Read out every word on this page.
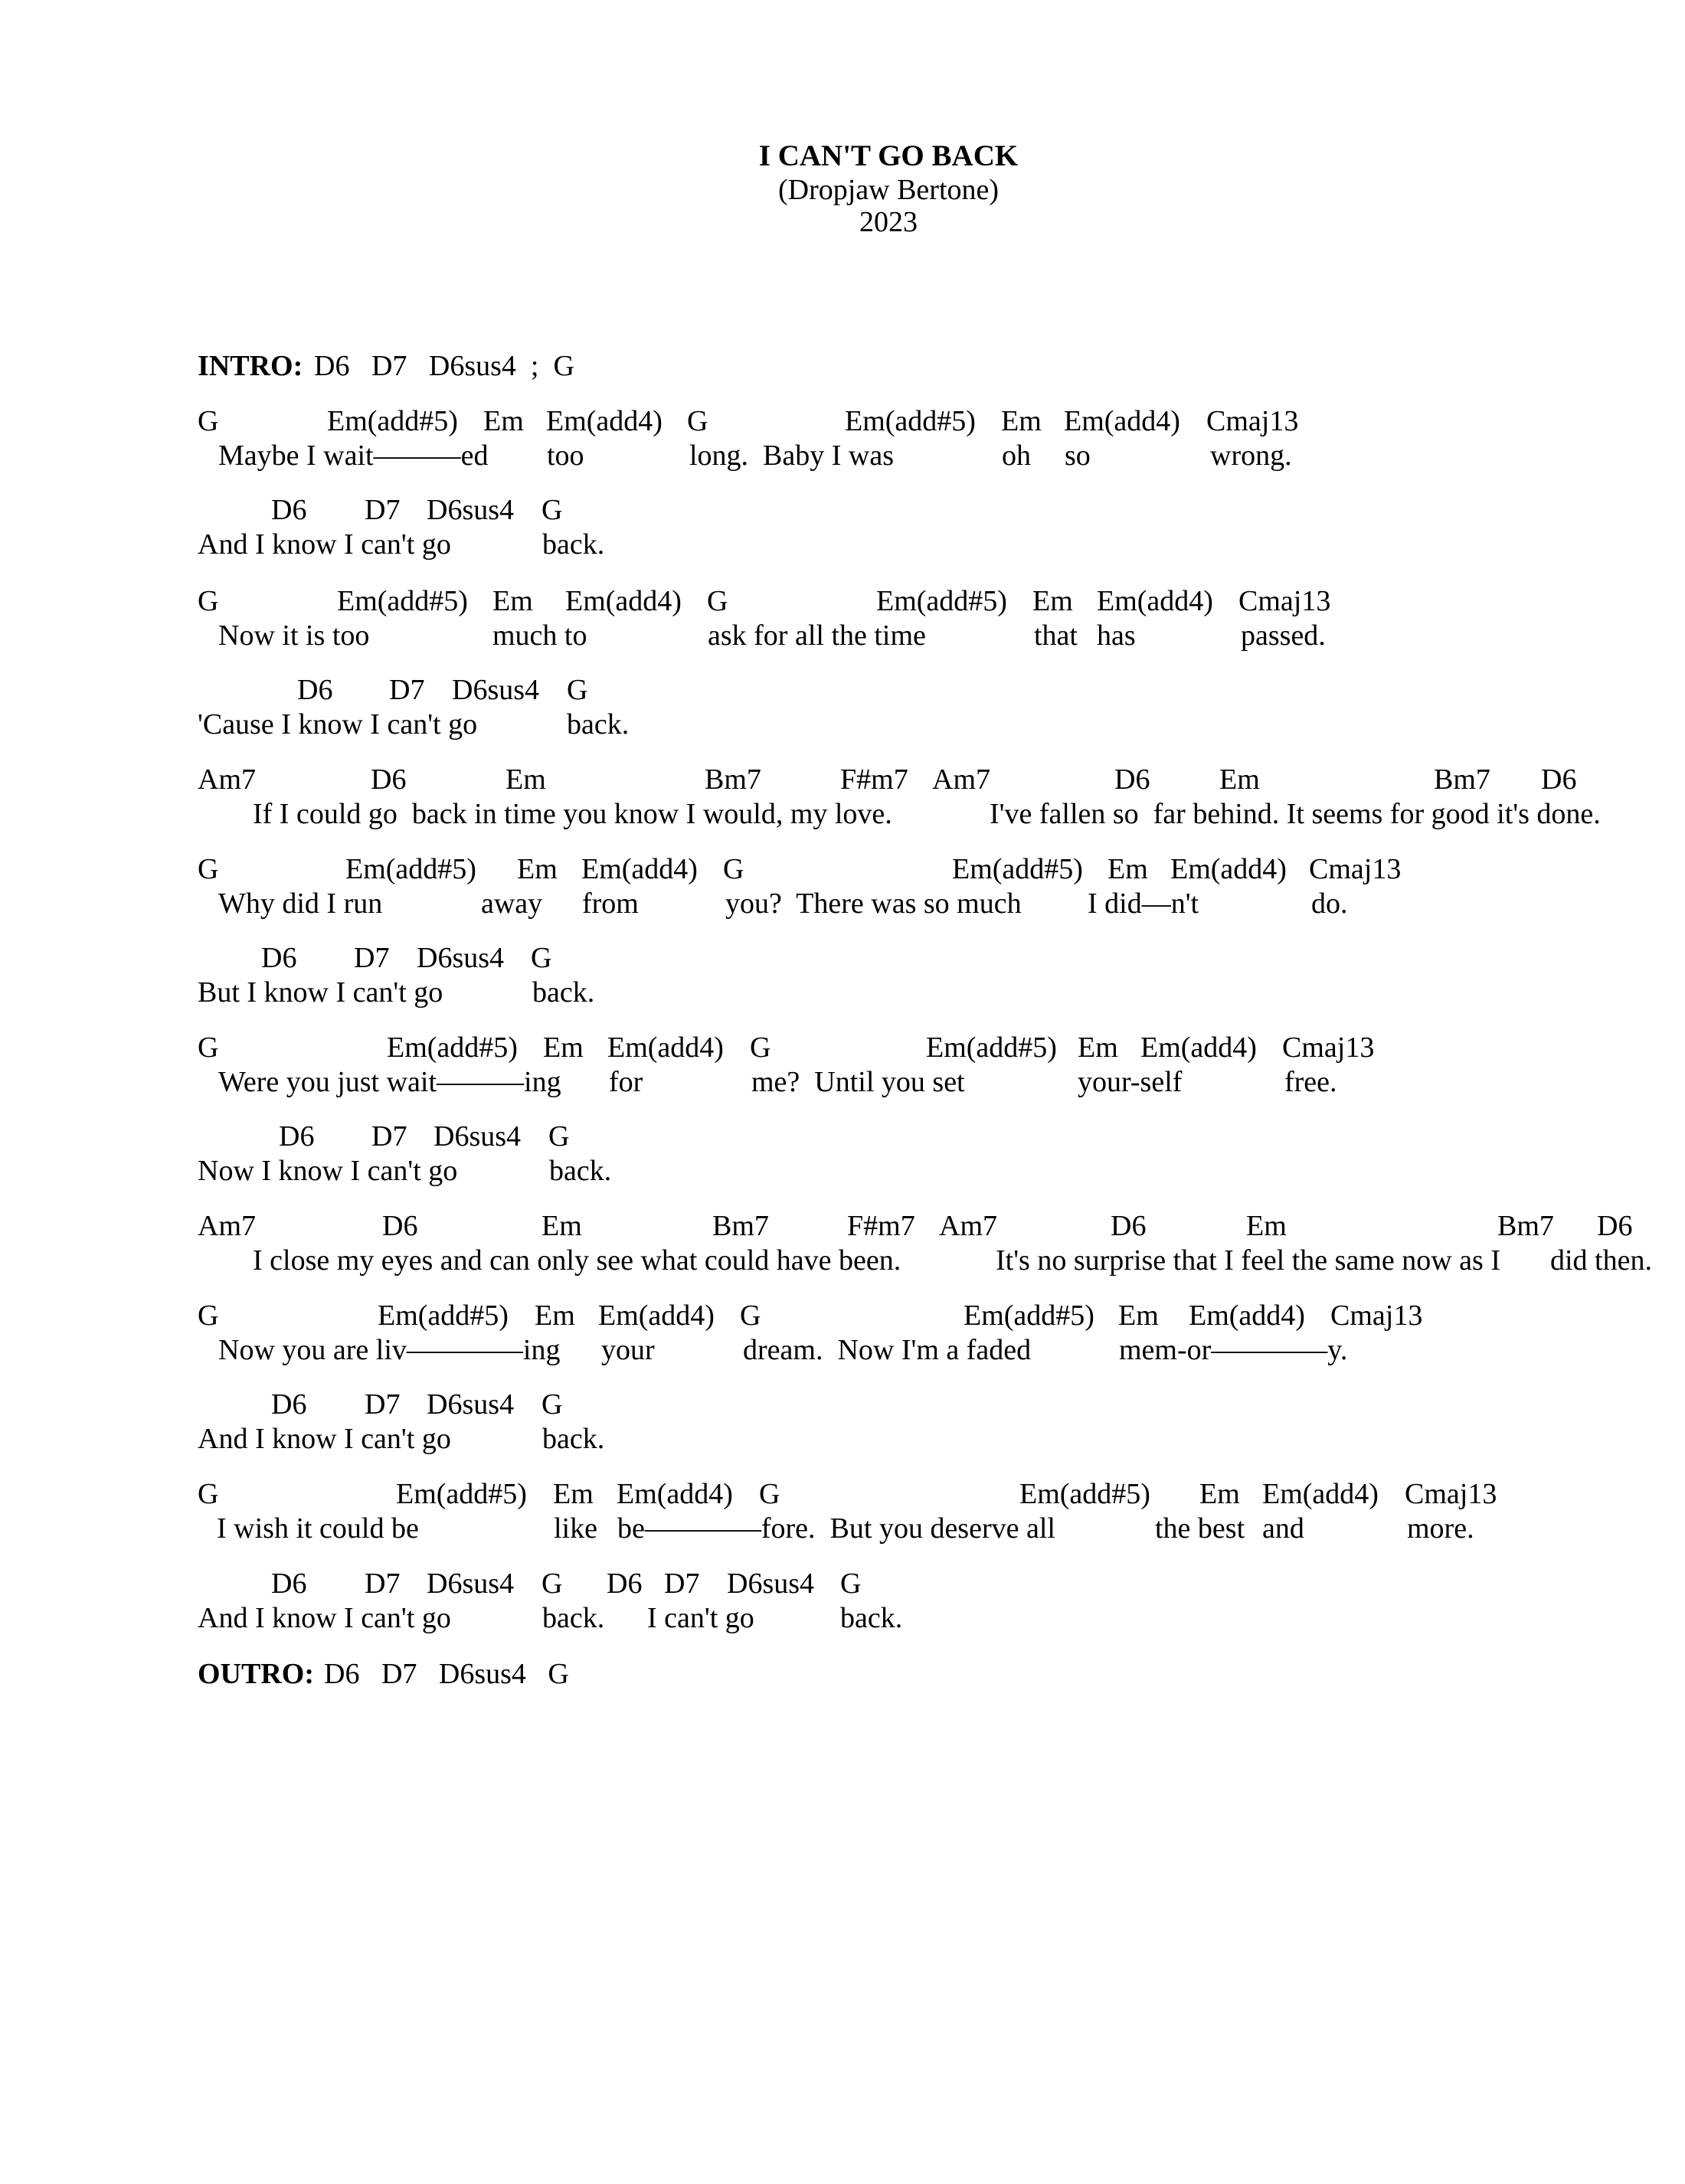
I CAN'T GO BACK
(Dropjaw Bertone)
2023
INTRO: D6   D7   D6sus4  ;  G
G	Em(add#5) Em Em(add4) G	Em(add#5) Em Em(add4) Cmaj13
Maybe I wait———ed too	long.  Baby I was	oh so	wrong.
D6 D7 D6sus4 G
And I know I can't go	back.
G	Em(add#5) Em Em(add4) G	Em(add#5) Em Em(add4) Cmaj13
Now it is too	much to	ask for all the time	that has	passed.
D6 D7 D6sus4 G
'Cause I know I can't go	back.
Am7	D6	Em	Bm7	F#m7 Am7	D6 Em	Bm7 D6
If I could go  back in time you know I would, my love.	I've fallen so  far behind. It seems for good it's done.
G	Em(add#5) Em Em(add4) G	Em(add#5) Em Em(add4) Cmaj13
Why did I run	away from	you?  There was so much I did—n't	do.
D6 D7 D6sus4 G
But I know I can't go	back.
G	Em(add#5) Em Em(add4) G	Em(add#5) Em Em(add4) Cmaj13
Were you just wait———ing for	me?  Until you set	your-self	free.
D6 D7 D6sus4 G
Now I know I can't go	back.
Am7	D6	Em	Bm7	F#m7 Am7	D6	Em	Bm7 D6
I close my eyes and can only see what could have been.	It's no surprise that I feel the same now as I did then.
G	Em(add#5) Em Em(add4) G	Em(add#5) Em Em(add4) Cmaj13
Now you are liv————ing your	dream.  Now I'm a faded	mem-or————y.
D6 D7 D6sus4 G
And I know I can't go	back.
G	Em(add#5) Em Em(add4) G	Em(add#5) Em Em(add4) Cmaj13
I wish it could be	like be————fore.  But you deserve all	the best and	more.
D6 D7 D6sus4 G D6 D7 D6sus4 G
And I know I can't go	back. I can't go	back.
OUTRO: D6   D7   D6sus4   G
